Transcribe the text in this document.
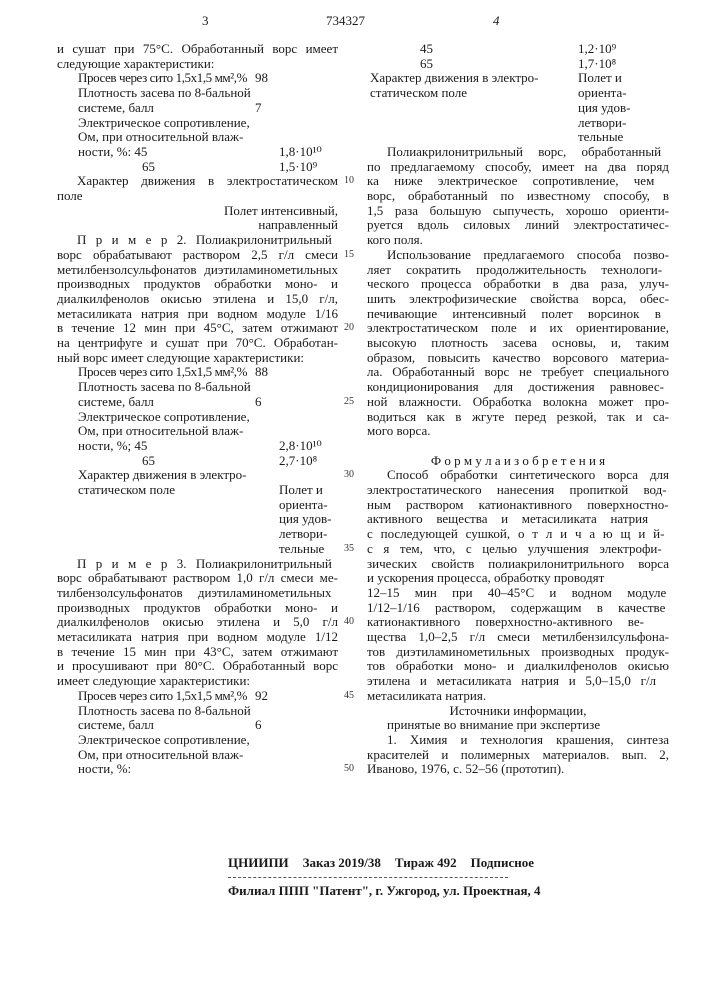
3	734327	4
и сушат при 75°С. Обработанный ворс имеет
следующие характеристики:
Просев через сито 1,5х1,5 мм²,% 98
Плотность засева по 8-бальной
системе, балл	7
Электрическое сопротивление,
Ом, при относительной влаж-
ности, %: 45	1,8·10¹⁰
65	1,5·10⁹
Характер движения в электростатическом
поле
Полет интенсивный,
направленный
П р и м е р 2. Полиакрилонитрильный
ворс обрабатывают раствором 2,5 г/л смеси
метилбензолсульфонатов диэтиламинометильных
производных продуктов обработки моно- и
диалкилфенолов окисью этилена и 15,0 г/л,
метасиликата натрия при водном модуле 1/16
в течение 12 мин при 45°С, затем отжимают
на центрифуге и сушат при 70°С. Обработан-
ный ворс имеет следующие характеристики:
Просев через сито 1,5х1,5 мм²,% 88
Плотность засева по 8-бальной
системе, балл	6
Электрическое сопротивление,
Ом, при относительной влаж-
ности, %; 45	2,8·10¹⁰
65	2,7·10⁸
Характер движения в электро-
статическом поле	Полет и
ориента-
ция удов-
летвори-
тельные
П р и м е р 3. Полиакрилонитрильный
ворс обрабатывают раствором 1,0 г/л смеси ме-
тилбензолсульфонатов диэтиламинометильных
производных продуктов обработки моно- и
диалкилфенолов окисью этилена и 5,0 г/л
метасиликата натрия при водном модуле 1/12
в течение 15 мин при 43°С, затем отжимают
и просушивают при 80°С. Обработанный ворс
имеет следующие характеристики:
Просев через сито 1,5х1,5 мм²,% 92
Плотность засева по 8-бальной
системе, балл	6
Электрическое сопротивление,
Ом, при относительной влаж-
ности, %:
45	1,2·10⁹
65	1,7·10⁸
Характер движения в электро-	Полет и
статическом поле	ориента-
ция удов-
летвори-
тельные
Полиакрилонитрильный ворс, обработанный
по предлагаемому способу, имеет на два поряд
ка ниже электрическое сопротивление, чем
ворс, обработанный по известному способу, в
1,5 раза большую сыпучесть, хорошо ориенти-
руется вдоль силовых линий электростатичес-
кого поля.
Использование предлагаемого способа позво-
ляет сократить продолжительность технологи-
ческого процесса обработки в два раза, улуч-
шить электрофизические свойства ворса, обес-
печивающие интенсивный полет ворсинок в
электростатическом поле и их ориентирование,
высокую плотность засева основы, и, таким
образом, повысить качество ворсового материа-
ла. Обработанный ворс не требует специального
кондиционирования для достижения равновес-
ной влажности. Обработка волокна может про-
водиться как в жгуте перед резкой, так и са-
мого ворса.
Ф о р м у л а и з о б р е т е н и я
Способ обработки синтетического ворса для
электростатического нанесения пропиткой вод-
ным раствором катионактивного поверхностно-
активного вещества и метасиликата натрия
с последующей сушкой, о т л и ч а ю щ и й-
с я тем, что, с целью улучшения электрофи-
зических свойств полиакрилонитрильного ворса
и ускорения процесса, обработку проводят
12–15 мин при 40–45°С и водном модуле
1/12–1/16 раствором, содержащим в качестве
катионактивного поверхностно-активного ве-
щества 1,0–2,5 г/л смеси метилбензилсульфона-
тов диэтиламинометильных производных продук-
тов обработки моно- и диалкилфенолов окисью
этилена и метасиликата натрия и 5,0–15,0 г/л
метасиликата натрия.
Источники информации,
принятые во внимание при экспертизе
1. Химия и технология крашения, синтеза
красителей и полимерных материалов. вып. 2,
Иваново, 1976, с. 52–56 (прототип).
10
15
20
25
30
35
40
45
50
ЦНИИПИ Заказ 2019/38 Тираж 492 Подписное
Филиал ППП "Патент", г. Ужгород, ул. Проектная, 4
